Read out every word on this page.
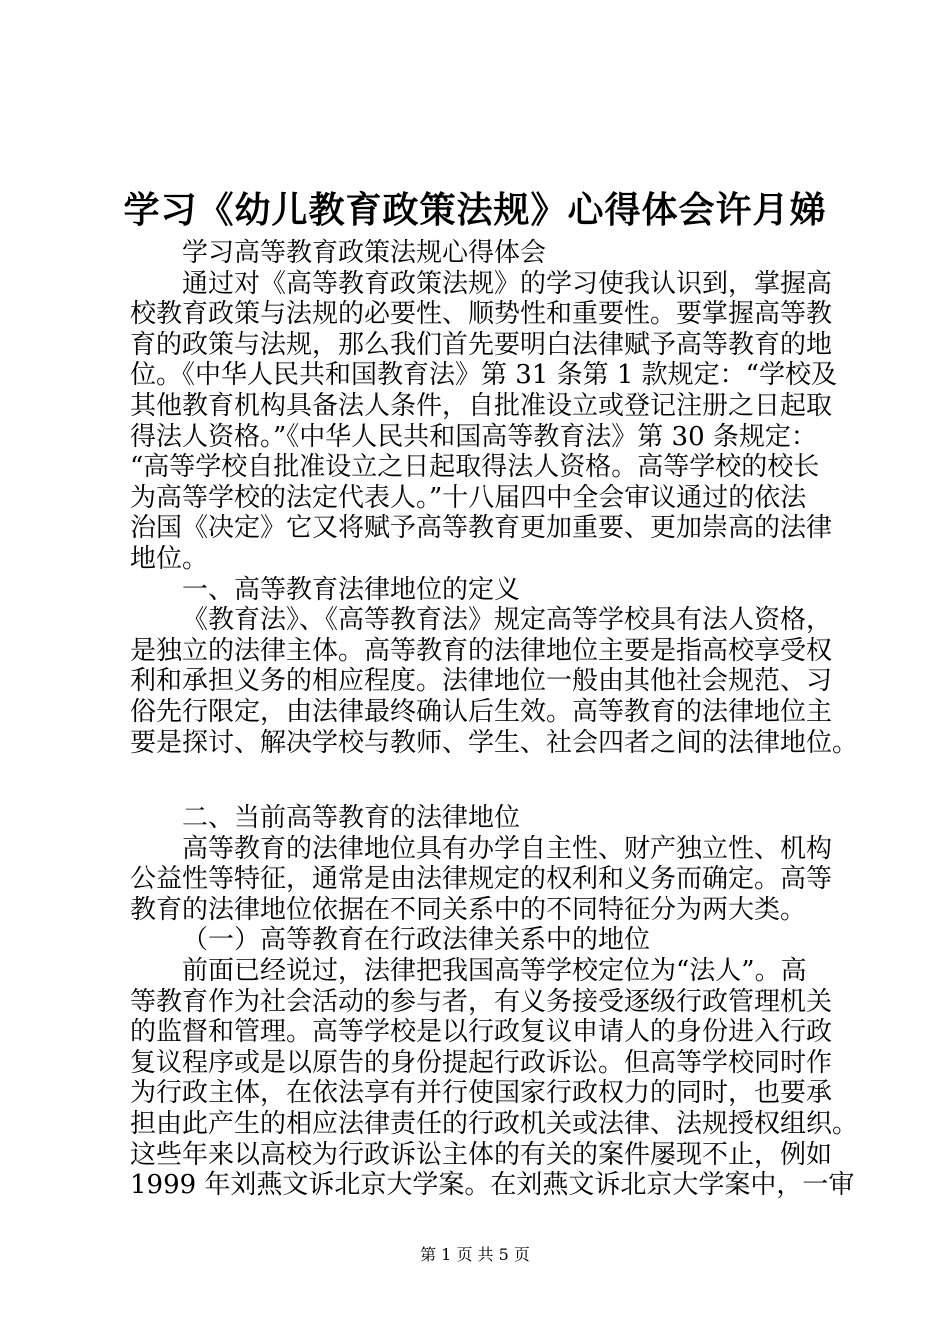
学习《幼儿教育政策法规》心得体会许月娣
学习高等教育政策法规心得体会
通过对《高等教育政策法规》的学习使我认识到，掌握高
校教育政策与法规的必要性、顺势性和重要性。要掌握高等教
育的政策与法规，那么我们首先要明白法律赋予高等教育的地
位。《中华人民共和国教育法》第 31 条第 1 款规定：“学校及
其他教育机构具备法人条件，自批准设立或登记注册之日起取
得法人资格。”《中华人民共和国高等教育法》第 30 条规定：
“高等学校自批准设立之日起取得法人资格。高等学校的校长
为高等学校的法定代表人。”十八届四中全会审议通过的依法
治国《决定》它又将赋予高等教育更加重要、更加崇高的法律
地位。
一、高等教育法律地位的定义
《教育法》、《高等教育法》规定高等学校具有法人资格，
是独立的法律主体。高等教育的法律地位主要是指高校享受权
利和承担义务的相应程度。法律地位一般由其他社会规范、习
俗先行限定，由法律最终确认后生效。高等教育的法律地位主
要是探讨、解决学校与教师、学生、社会四者之间的法律地位。
二、当前高等教育的法律地位
高等教育的法律地位具有办学自主性、财产独立性、机构
公益性等特征，通常是由法律规定的权利和义务而确定。高等
教育的法律地位依据在不同关系中的不同特征分为两大类。
（一）高等教育在行政法律关系中的地位
前面已经说过，法律把我国高等学校定位为“法人”。高
等教育作为社会活动的参与者，有义务接受逐级行政管理机关
的监督和管理。高等学校是以行政复议申请人的身份进入行政
复议程序或是以原告的身份提起行政诉讼。但高等学校同时作
为行政主体，在依法享有并行使国家行政权力的同时，也要承
担由此产生的相应法律责任的行政机关或法律、法规授权组织。
这些年来以高校为行政诉讼主体的有关的案件屡现不止，例如
1999 年刘燕文诉北京大学案。在刘燕文诉北京大学案中，一审
第 1 页 共 5 页
